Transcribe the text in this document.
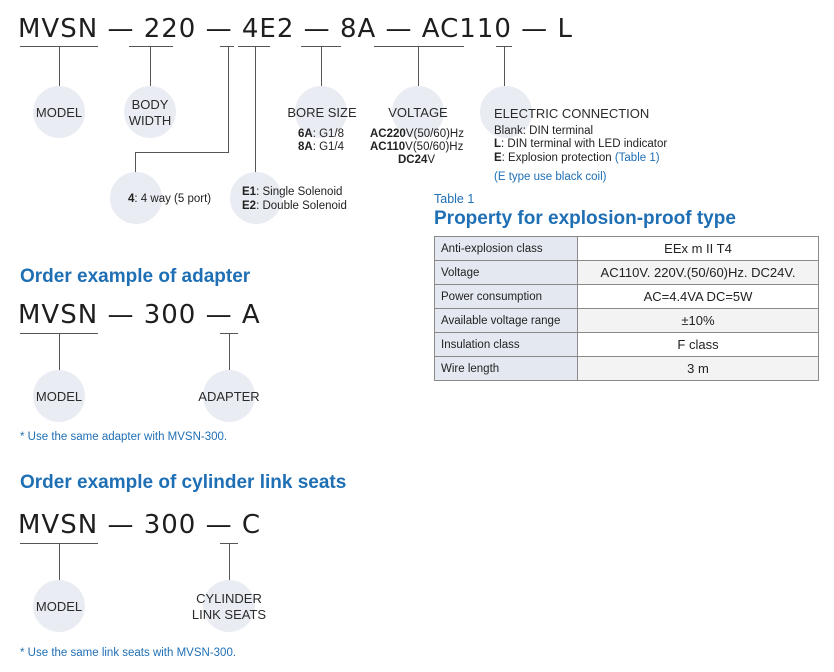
MVSN — 220 — 4E2 — 8A — AC110 — L
MODEL
BODY WIDTH
BORE SIZE	VOLTAGE	ELECTRIC CONNECTION
6A: G1/8
8A: G1/4
AC220V(50/60)Hz
AC110V(50/60)Hz
DC24V
Blank: DIN terminal
L: DIN terminal with LED indicator
E: Explosion protection (Table 1)
(E type use black coil)
4: 4 way (5 port)
E1: Single Solenoid
E2: Double Solenoid	Table 1
Property for explosion-proof type
Anti-explosion class	EEx m II T4
Voltage	AC110V. 220V.(50/60)Hz. DC24V.
Power consumption	AC=4.4VA DC=5W
Available voltage range	±10%
Insulation class	F class
Wire length	3 m
Order example of adapter
MVSN — 300 — A
MODEL	ADAPTER
* Use the same adapter with MVSN-300.
Order example of cylinder link seats
MVSN — 300 — C
MODEL
CYLINDER LINK SEATS
* Use the same link seats with MVSN-300.
